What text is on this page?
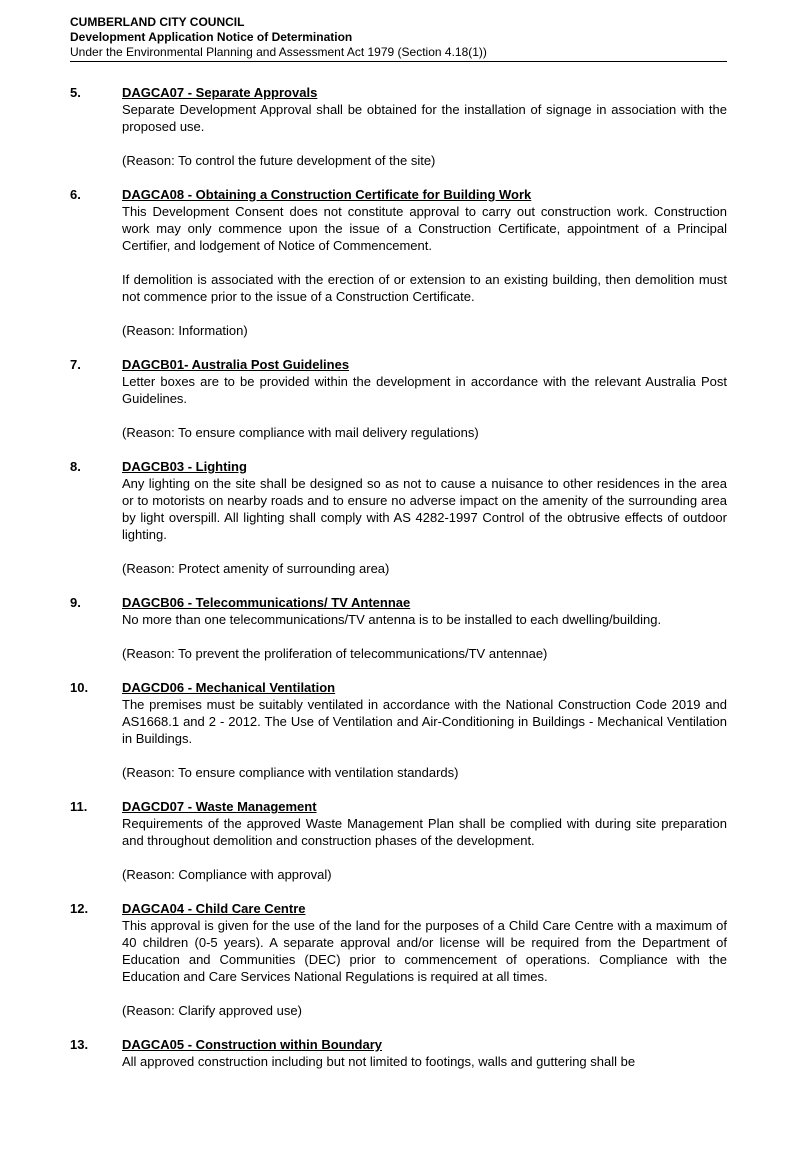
CUMBERLAND CITY COUNCIL
Development Application Notice of Determination
Under the Environmental Planning and Assessment Act 1979 (Section 4.18(1))
5.	DAGCA07 - Separate Approvals

Separate Development Approval shall be obtained for the installation of signage in association with the proposed use.

(Reason: To control the future development of the site)

6.	DAGCA08 - Obtaining a Construction Certificate for Building Work

This Development Consent does not constitute approval to carry out construction work. Construction work may only commence upon the issue of a Construction Certificate, appointment of a Principal Certifier, and lodgement of Notice of Commencement.

If demolition is associated with the erection of or extension to an existing building, then demolition must not commence prior to the issue of a Construction Certificate.

(Reason: Information)

7.	DAGCB01- Australia Post Guidelines

Letter boxes are to be provided within the development in accordance with the relevant Australia Post Guidelines.

(Reason: To ensure compliance with mail delivery regulations)

8.	DAGCB03 - Lighting

Any lighting on the site shall be designed so as not to cause a nuisance to other residences in the area or to motorists on nearby roads and to ensure no adverse impact on the amenity of the surrounding area by light overspill. All lighting shall comply with AS 4282-1997 Control of the obtrusive effects of outdoor lighting.

(Reason: Protect amenity of surrounding area)

9.	DAGCB06 - Telecommunications/ TV Antennae

No more than one telecommunications/TV antenna is to be installed to each dwelling/building.

(Reason: To prevent the proliferation of telecommunications/TV antennae)

10.	DAGCD06 - Mechanical Ventilation

The premises must be suitably ventilated in accordance with the National Construction Code 2019 and AS1668.1 and 2 - 2012. The Use of Ventilation and Air-Conditioning in Buildings - Mechanical Ventilation in Buildings.

(Reason: To ensure compliance with ventilation standards)

11.	DAGCD07 - Waste Management

Requirements of the approved Waste Management Plan shall be complied with during site preparation and throughout demolition and construction phases of the development.

(Reason: Compliance with approval)

12.	DAGCA04 - Child Care Centre

This approval is given for the use of the land for the purposes of a Child Care Centre with a maximum of 40 children (0-5 years). A separate approval and/or license will be required from the Department of Education and Communities (DEC) prior to commencement of operations. Compliance with the Education and Care Services National Regulations is required at all times.

(Reason: Clarify approved use)

13.	DAGCA05 - Construction within Boundary

All approved construction including but not limited to footings, walls and guttering shall be
